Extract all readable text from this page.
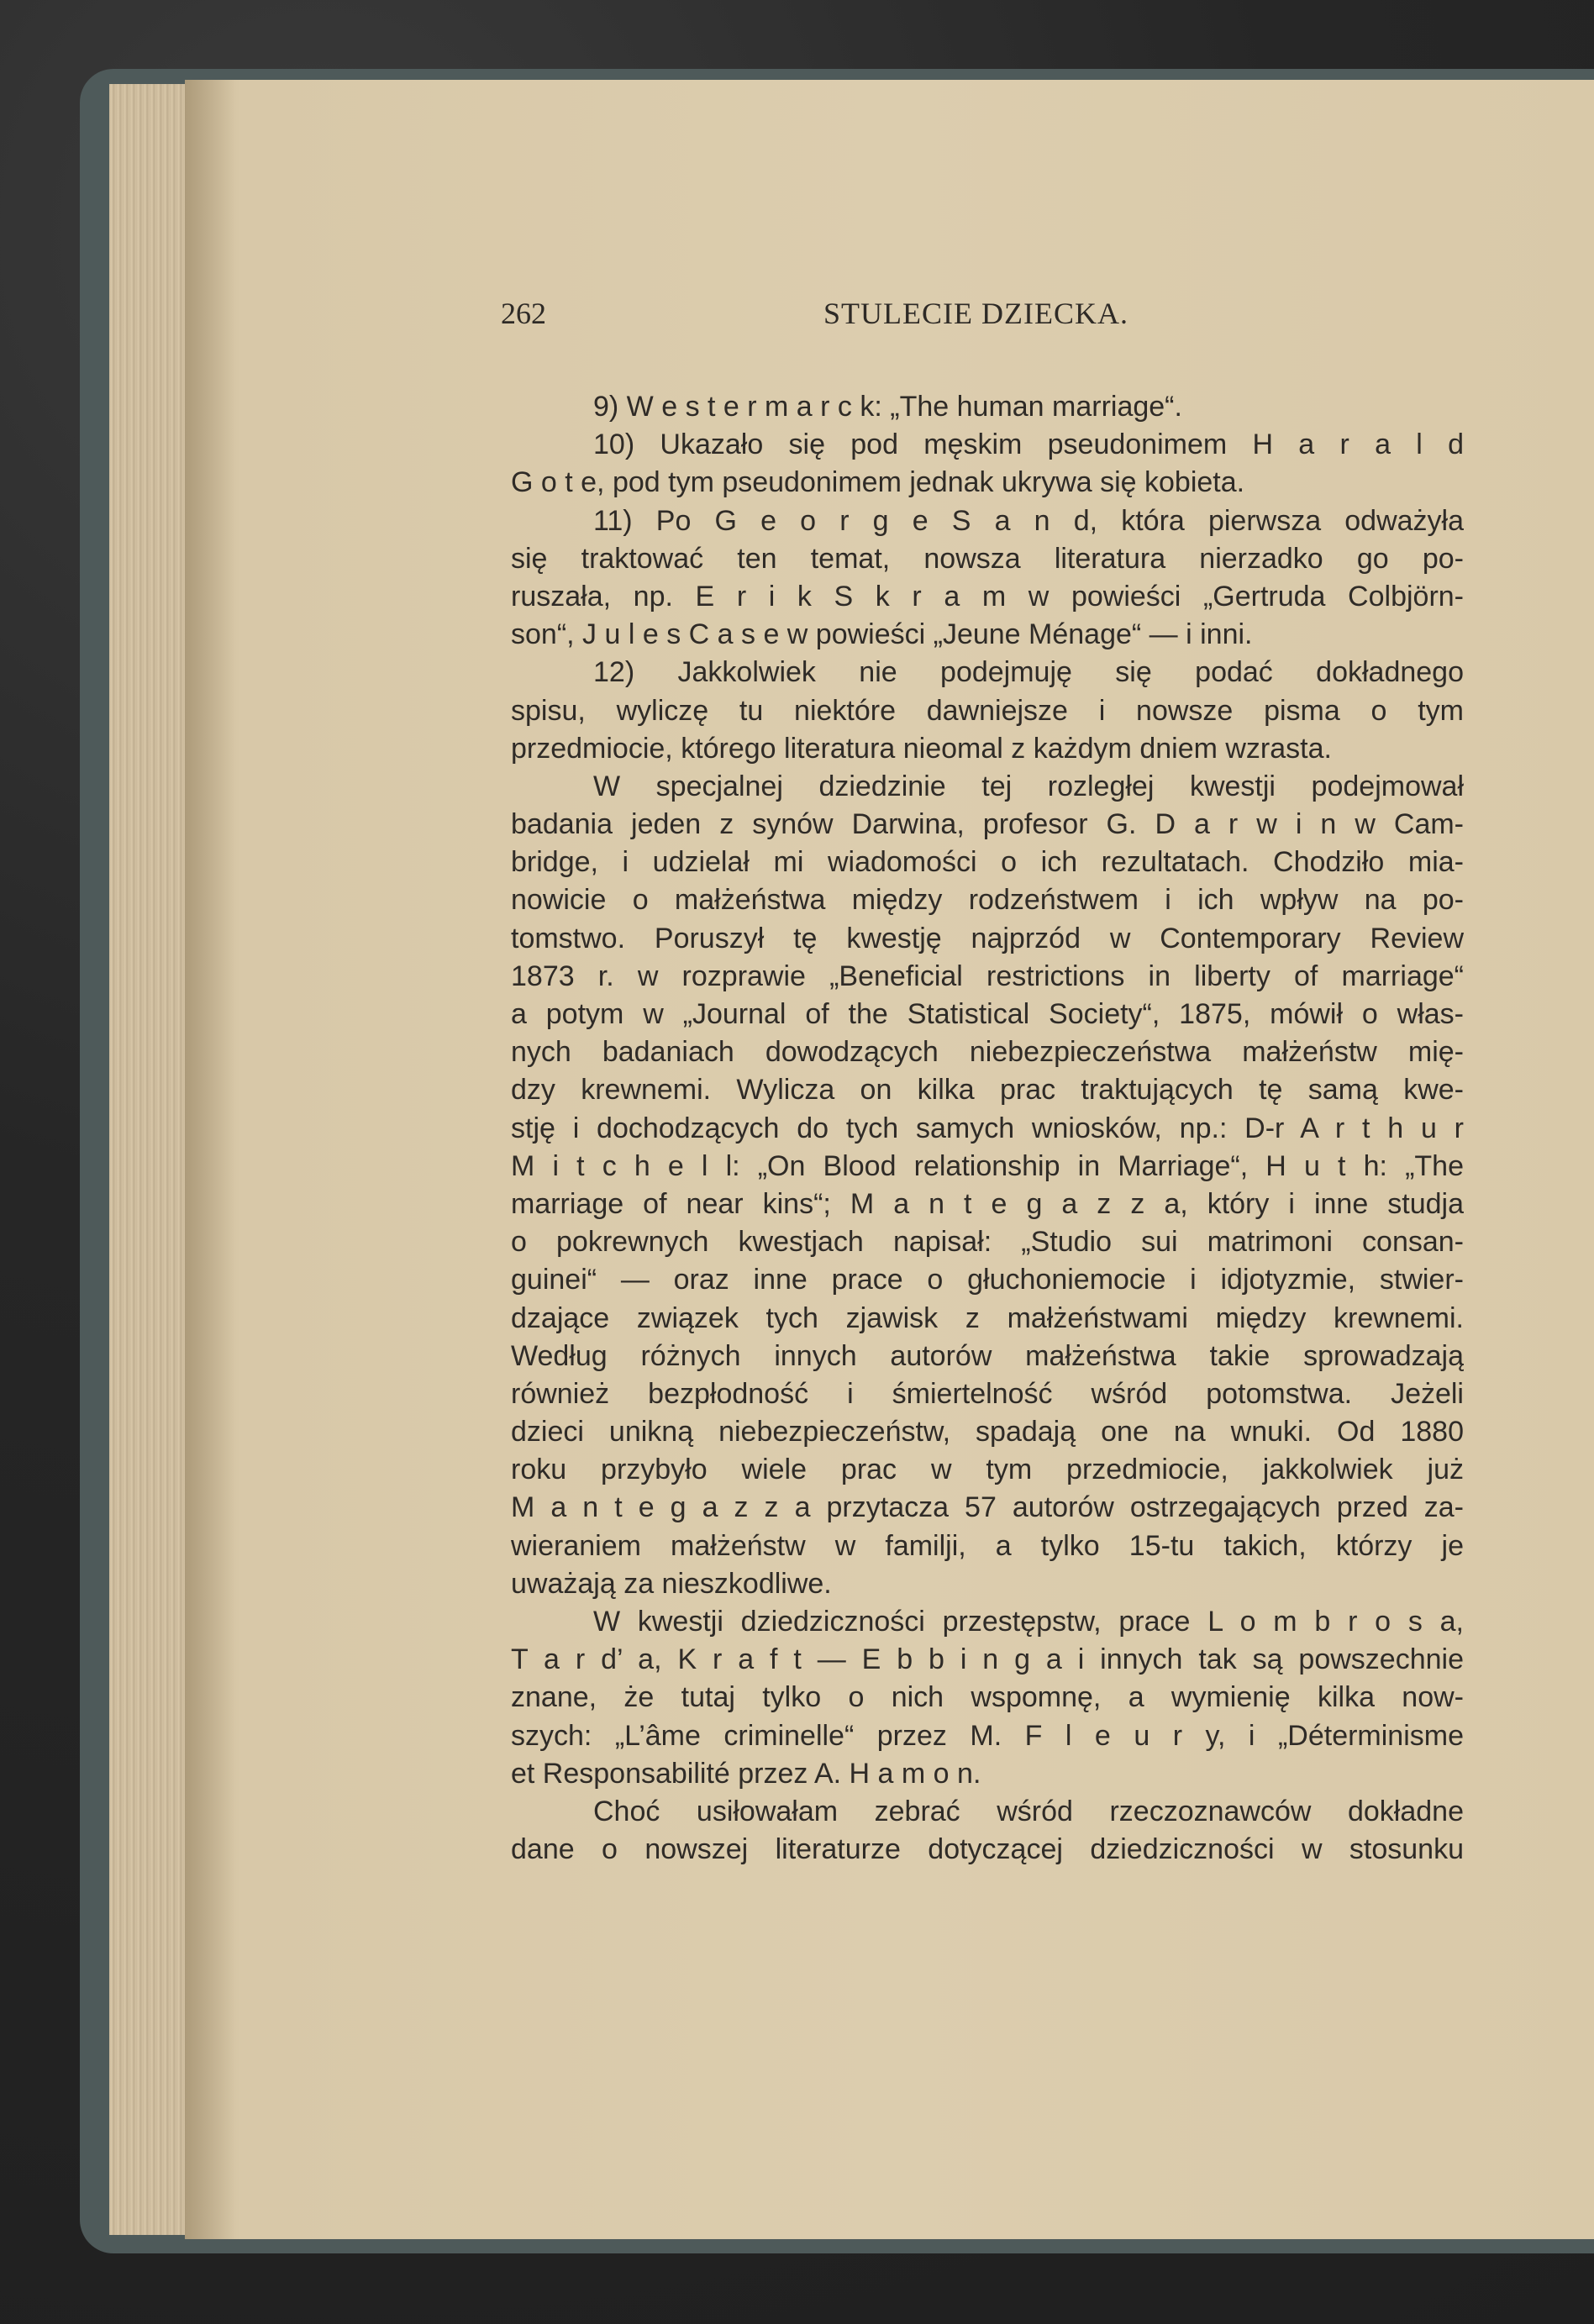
262	STULECIE DZIECKA.
9) W e s t e r m a r c k: „The human marriage“.
10) Ukazało się pod męskim pseudonimem H a r a l d
G o t e, pod tym pseudonimem jednak ukrywa się kobieta.
11) Po G e o r g e S a n d, która pierwsza odważyła
się traktować ten temat, nowsza literatura nierzadko go po-
ruszała, np. E r i k S k r a m w powieści „Gertruda Colbjörn-
son“, J u l e s C a s e w powieści „Jeune Ménage“ — i inni.
12) Jakkolwiek nie podejmuję się podać dokładnego
spisu, wyliczę tu niektóre dawniejsze i nowsze pisma o tym
przedmiocie, którego literatura nieomal z każdym dniem wzrasta.
W specjalnej dziedzinie tej rozległej kwestji podejmował
badania jeden z synów Darwina, profesor G. D a r w i n w Cam-
bridge, i udzielał mi wiadomości o ich rezultatach. Chodziło mia-
nowicie o małżeństwa między rodzeństwem i ich wpływ na po-
tomstwo. Poruszył tę kwestję najprzód w Contemporary Review
1873 r. w rozprawie „Beneficial restrictions in liberty of marriage“
a potym w „Journal of the Statistical Society“, 1875, mówił o włas-
nych badaniach dowodzących niebezpieczeństwa małżeństw mię-
dzy krewnemi. Wylicza on kilka prac traktujących tę samą kwe-
stję i dochodzących do tych samych wniosków, np.: D-r A r t h u r
M i t c h e l l: „On Blood relationship in Marriage“, H u t h: „The
marriage of near kins“; M a n t e g a z z a, który i inne studja
o pokrewnych kwestjach napisał: „Studio sui matrimoni consan-
guinei“ — oraz inne prace o głuchoniemocie i idjotyzmie, stwier-
dzające związek tych zjawisk z małżeństwami między krewnemi.
Według różnych innych autorów małżeństwa takie sprowadzają
również bezpłodność i śmiertelność wśród potomstwa. Jeżeli
dzieci unikną niebezpieczeństw, spadają one na wnuki. Od 1880
roku przybyło wiele prac w tym przedmiocie, jakkolwiek już
M a n t e g a z z a przytacza 57 autorów ostrzegających przed za-
wieraniem małżeństw w familji, a tylko 15-tu takich, którzy je
uważają za nieszkodliwe.
W kwestji dziedziczności przestępstw, prace L o m b r o s a,
T a r d’ a, K r a f t — E b b i n g a i innych tak są powszechnie
znane, że tutaj tylko o nich wspomnę, a wymienię kilka now-
szych: „L’âme criminelle“ przez M. F l e u r y, i „Déterminisme
et Responsabilité przez A. H a m o n.
Choć usiłowałam zebrać wśród rzeczoznawców dokładne
dane o nowszej literaturze dotyczącej dziedziczności w stosunku
